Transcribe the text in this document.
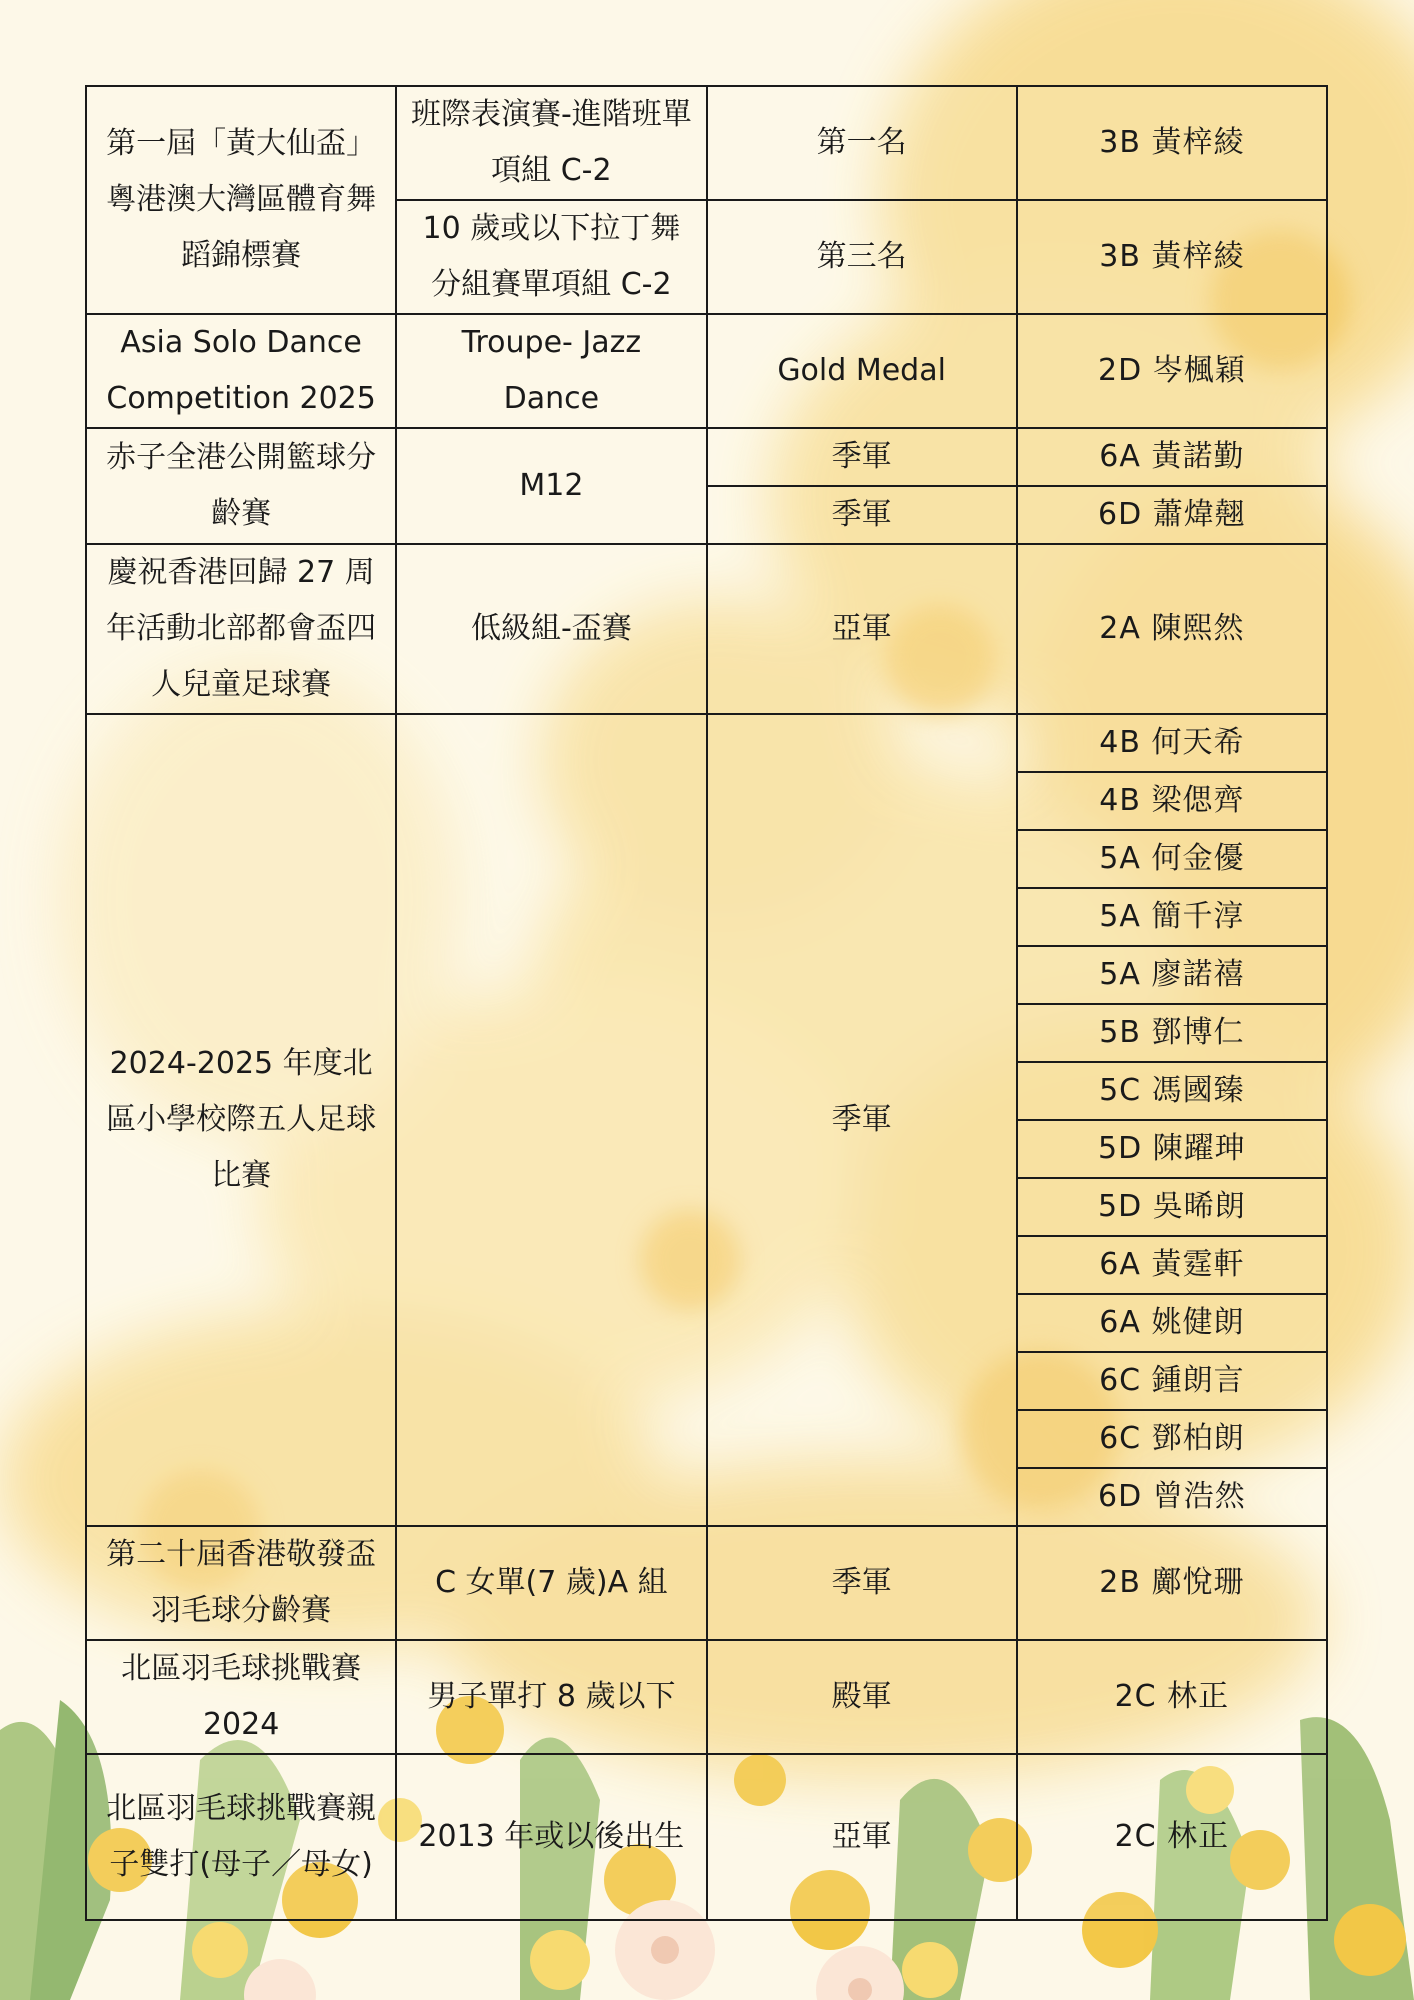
第一屆「黃大仙盃」 粵港澳大灣區體育舞蹈錦標賽	班際表演賽-進階班單項組 C-2	第一名	3B 黃梓綾
	10 歲或以下拉丁舞分組賽單項組 C-2	第三名	3B 黃梓綾
Asia Solo Dance Competition 2025	Troupe- Jazz Dance	Gold Medal	2D 岑楓穎
赤子全港公開籃球分齡賽	M12	季軍	6A 黃諾勤
		季軍	6D 蕭煒翹
慶祝香港回歸 27 周年活動北部都會盃四人兒童足球賽	低級組-盃賽	亞軍	2A 陳熙然
2024-2025 年度北區小學校際五人足球比賽		季軍	4B 何天希
			4B 梁偲齊
			5A 何金優
			5A 簡千淳
			5A 廖諾禧
			5B 鄧博仁
			5C 馮國臻
			5D 陳躍珅
			5D 吳晞朗
			6A 黃霆軒
			6A 姚健朗
			6C 鍾朗言
			6C 鄧柏朗
			6D 曾浩然
第二十屆香港敬發盃羽毛球分齡賽	C 女單(7 歲)A 組	季軍	2B 鄺悅珊
北區羽毛球挑戰賽 2024	男子單打 8 歲以下	殿軍	2C 林正
北區羽毛球挑戰賽親子雙打(母子／母女)	2013 年或以後出生	亞軍	2C 林正
